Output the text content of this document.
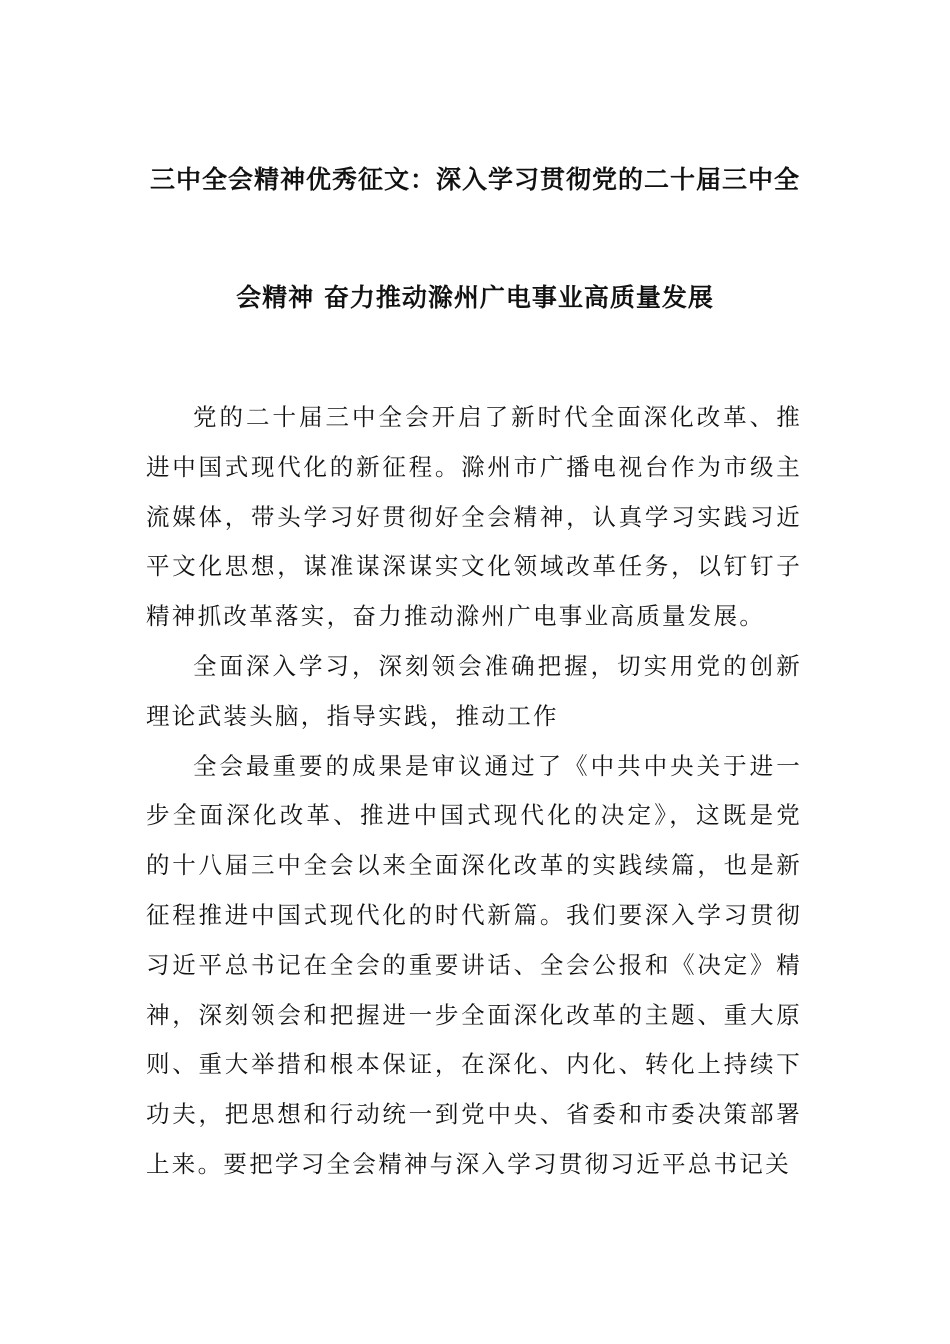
三中全会精神优秀征文：深入学习贯彻党的二十届三中全
会精神 奋力推动滁州广电事业高质量发展

党的二十届三中全会开启了新时代全面深化改革、推进中国式现代化的新征程。滁州市广播电视台作为市级主流媒体，带头学习好贯彻好全会精神，认真学习实践习近平文化思想，谋准谋深谋实文化领域改革任务，以钉钉子精神抓改革落实，奋力推动滁州广电事业高质量发展。

全面深入学习，深刻领会准确把握，切实用党的创新理论武装头脑，指导实践，推动工作

全会最重要的成果是审议通过了《中共中央关于进一步全面深化改革、推进中国式现代化的决定》，这既是党的十八届三中全会以来全面深化改革的实践续篇，也是新征程推进中国式现代化的时代新篇。我们要深入学习贯彻习近平总书记在全会的重要讲话、全会公报和《决定》精神，深刻领会和把握进一步全面深化改革的主题、重大原则、重大举措和根本保证，在深化、内化、转化上持续下功夫，把思想和行动统一到党中央、省委和市委决策部署上来。要把学习全会精神与深入学习贯彻习近平总书记关
